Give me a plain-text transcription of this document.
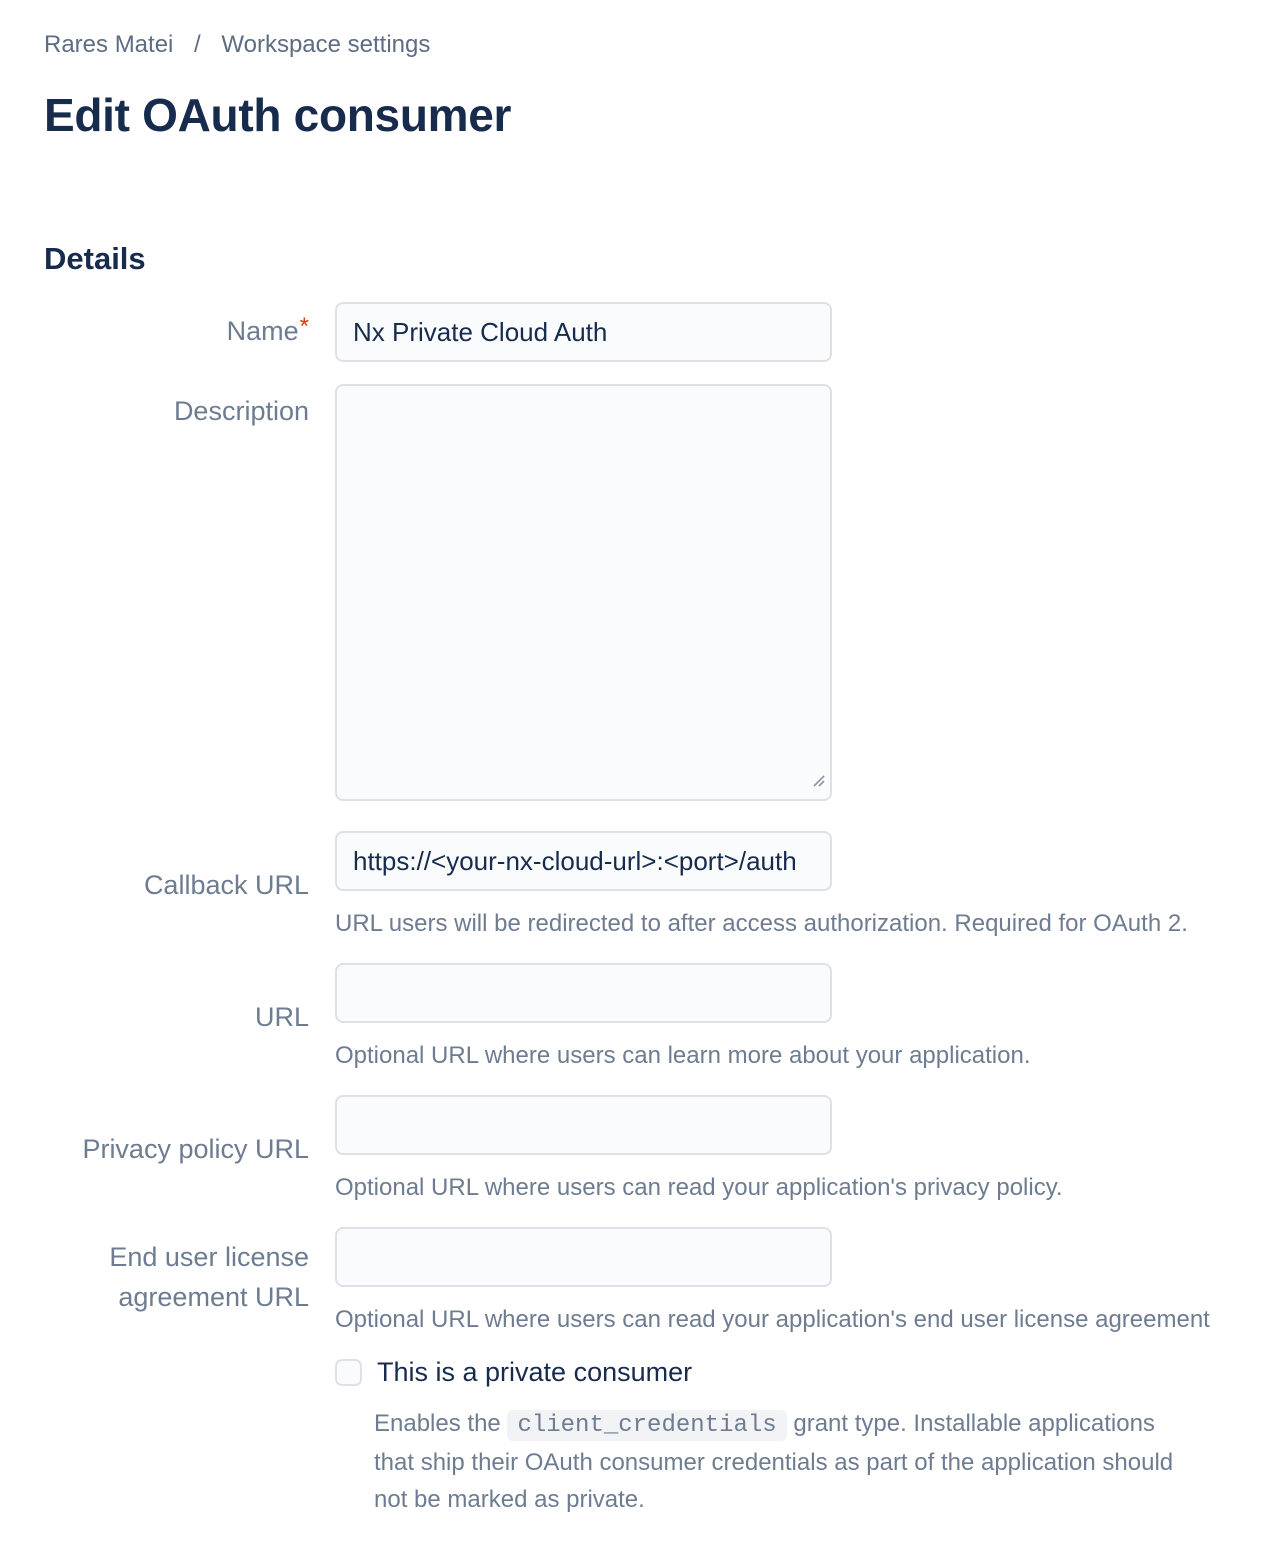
Rares Matei / Workspace settings
Edit OAuth consumer
Details
Name*
Nx Private Cloud Auth
Description
Callback URL
https://<your-nx-cloud-url>:<port>/auth
URL users will be redirected to after access authorization. Required for OAuth 2.
URL
Optional URL where users can learn more about your application.
Privacy policy URL
Optional URL where users can read your application's privacy policy.
End user license agreement URL
Optional URL where users can read your application's end user license agreement
This is a private consumer

Enables the client_credentials grant type. Installable applications that ship their OAuth consumer credentials as part of the application should not be marked as private.
